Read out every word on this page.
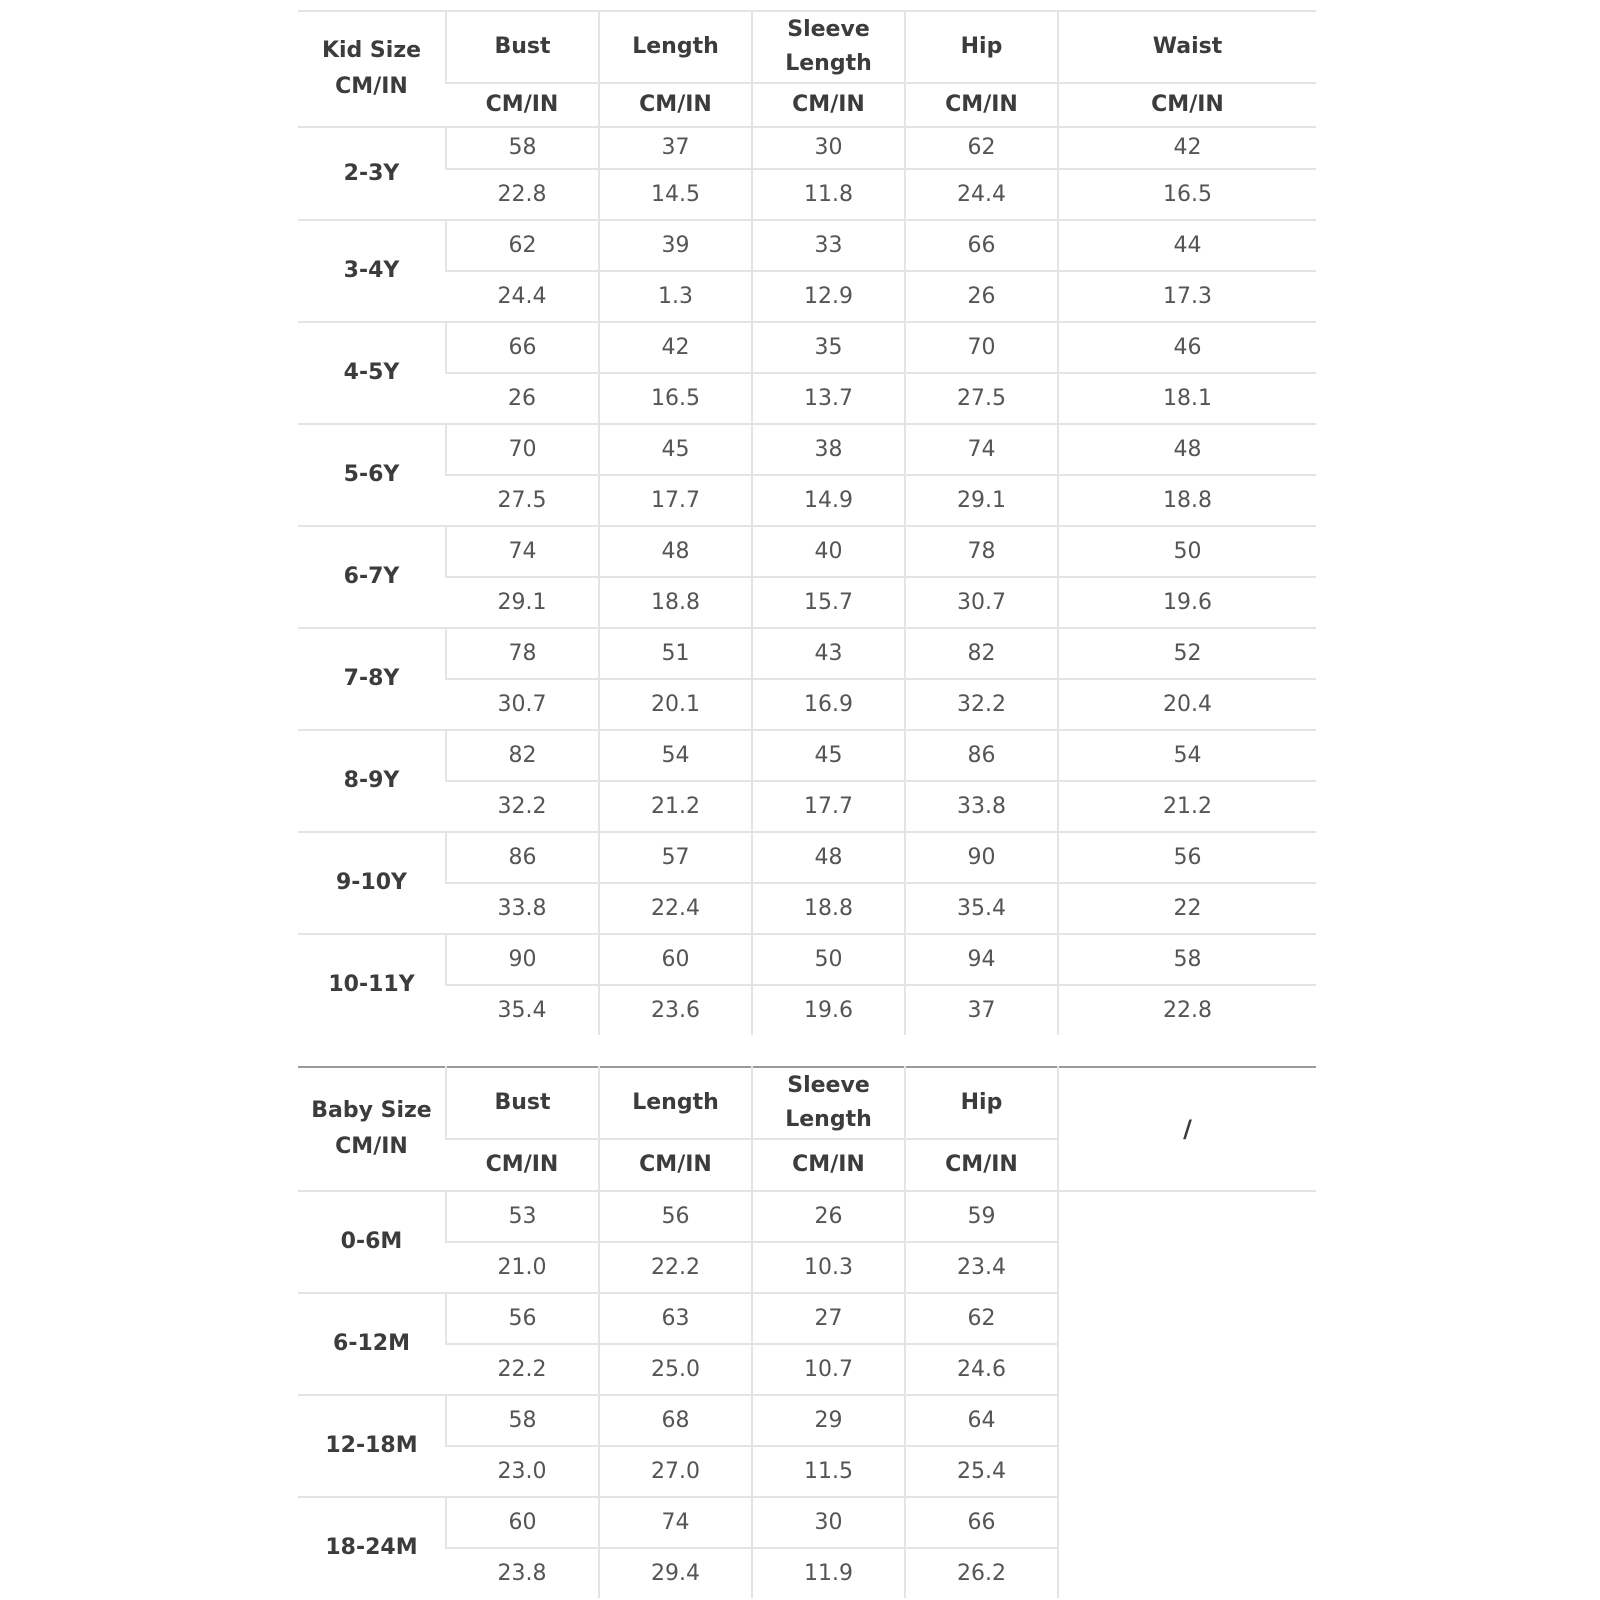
Kid Size
CM/IN	Bust	Length	Sleeve Length	Hip	Waist
	CM/IN	CM/IN	CM/IN	CM/IN	CM/IN
2-3Y	58	37	30	62	42
	22.8	14.5	11.8	24.4	16.5
3-4Y	62	39	33	66	44
	24.4	1.3	12.9	26	17.3
4-5Y	66	42	35	70	46
	26	16.5	13.7	27.5	18.1
5-6Y	70	45	38	74	48
	27.5	17.7	14.9	29.1	18.8
6-7Y	74	48	40	78	50
	29.1	18.8	15.7	30.7	19.6
7-8Y	78	51	43	82	52
	30.7	20.1	16.9	32.2	20.4
8-9Y	82	54	45	86	54
	32.2	21.2	17.7	33.8	21.2
9-10Y	86	57	48	90	56
	33.8	22.4	18.8	35.4	22
10-11Y	90	60	50	94	58
	35.4	23.6	19.6	37	22.8
Baby Size
CM/IN	Bust	Length	Sleeve Length	Hip	/
	CM/IN	CM/IN	CM/IN	CM/IN	
0-6M	53	56	26	59	
	21.0	22.2	10.3	23.4	
6-12M	56	63	27	62	
	22.2	25.0	10.7	24.6	
12-18M	58	68	29	64	
	23.0	27.0	11.5	25.4	
18-24M	60	74	30	66	
	23.8	29.4	11.9	26.2	
